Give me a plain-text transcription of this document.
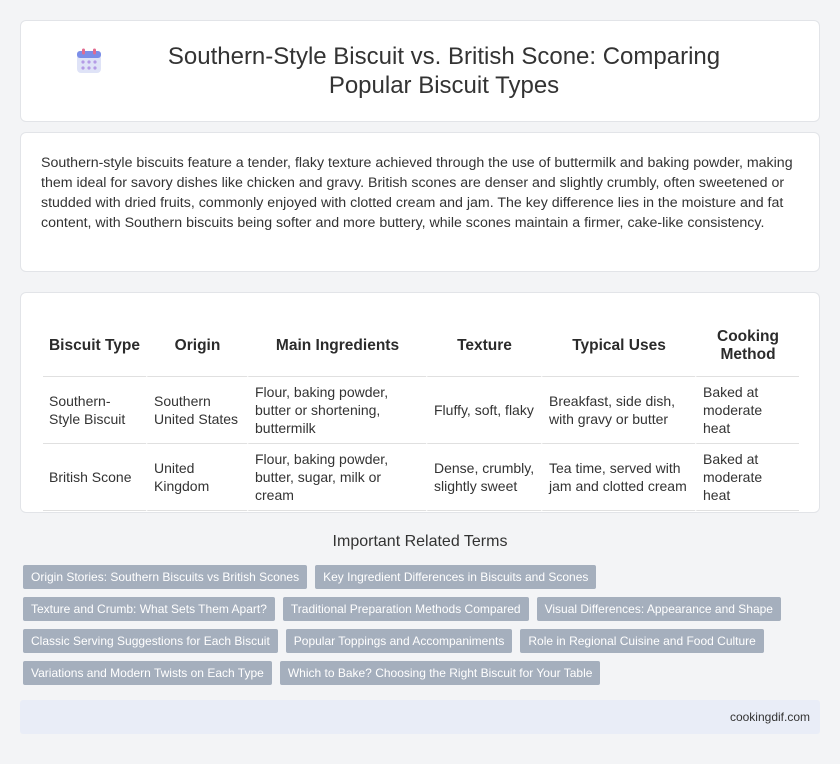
Southern-Style Biscuit vs. British Scone: Comparing Popular Biscuit Types

Southern-style biscuits feature a tender, flaky texture achieved through the use of buttermilk and baking powder, making them ideal for savory dishes like chicken and gravy. British scones are denser and slightly crumbly, often sweetened or studded with dried fruits, commonly enjoyed with clotted cream and jam. The key difference lies in the moisture and fat content, with Southern biscuits being softer and more buttery, while scones maintain a firmer, cake-like consistency.

Biscuit Type	Origin	Main Ingredients	Texture	Typical Uses	Cooking Method
Southern-Style Biscuit	Southern United States	Flour, baking powder, butter or shortening, buttermilk	Fluffy, soft, flaky	Breakfast, side dish, with gravy or butter	Baked at moderate heat
British Scone	United Kingdom	Flour, baking powder, butter, sugar, milk or cream	Dense, crumbly, slightly sweet	Tea time, served with jam and clotted cream	Baked at moderate heat
Important Related Terms
Origin Stories: Southern Biscuits vs British Scones	Key Ingredient Differences in Biscuits and Scones
Texture and Crumb: What Sets Them Apart?	Traditional Preparation Methods Compared	Visual Differences: Appearance and Shape
Classic Serving Suggestions for Each Biscuit	Popular Toppings and Accompaniments	Role in Regional Cuisine and Food Culture
Variations and Modern Twists on Each Type	Which to Bake? Choosing the Right Biscuit for Your Table
cookingdif.com
